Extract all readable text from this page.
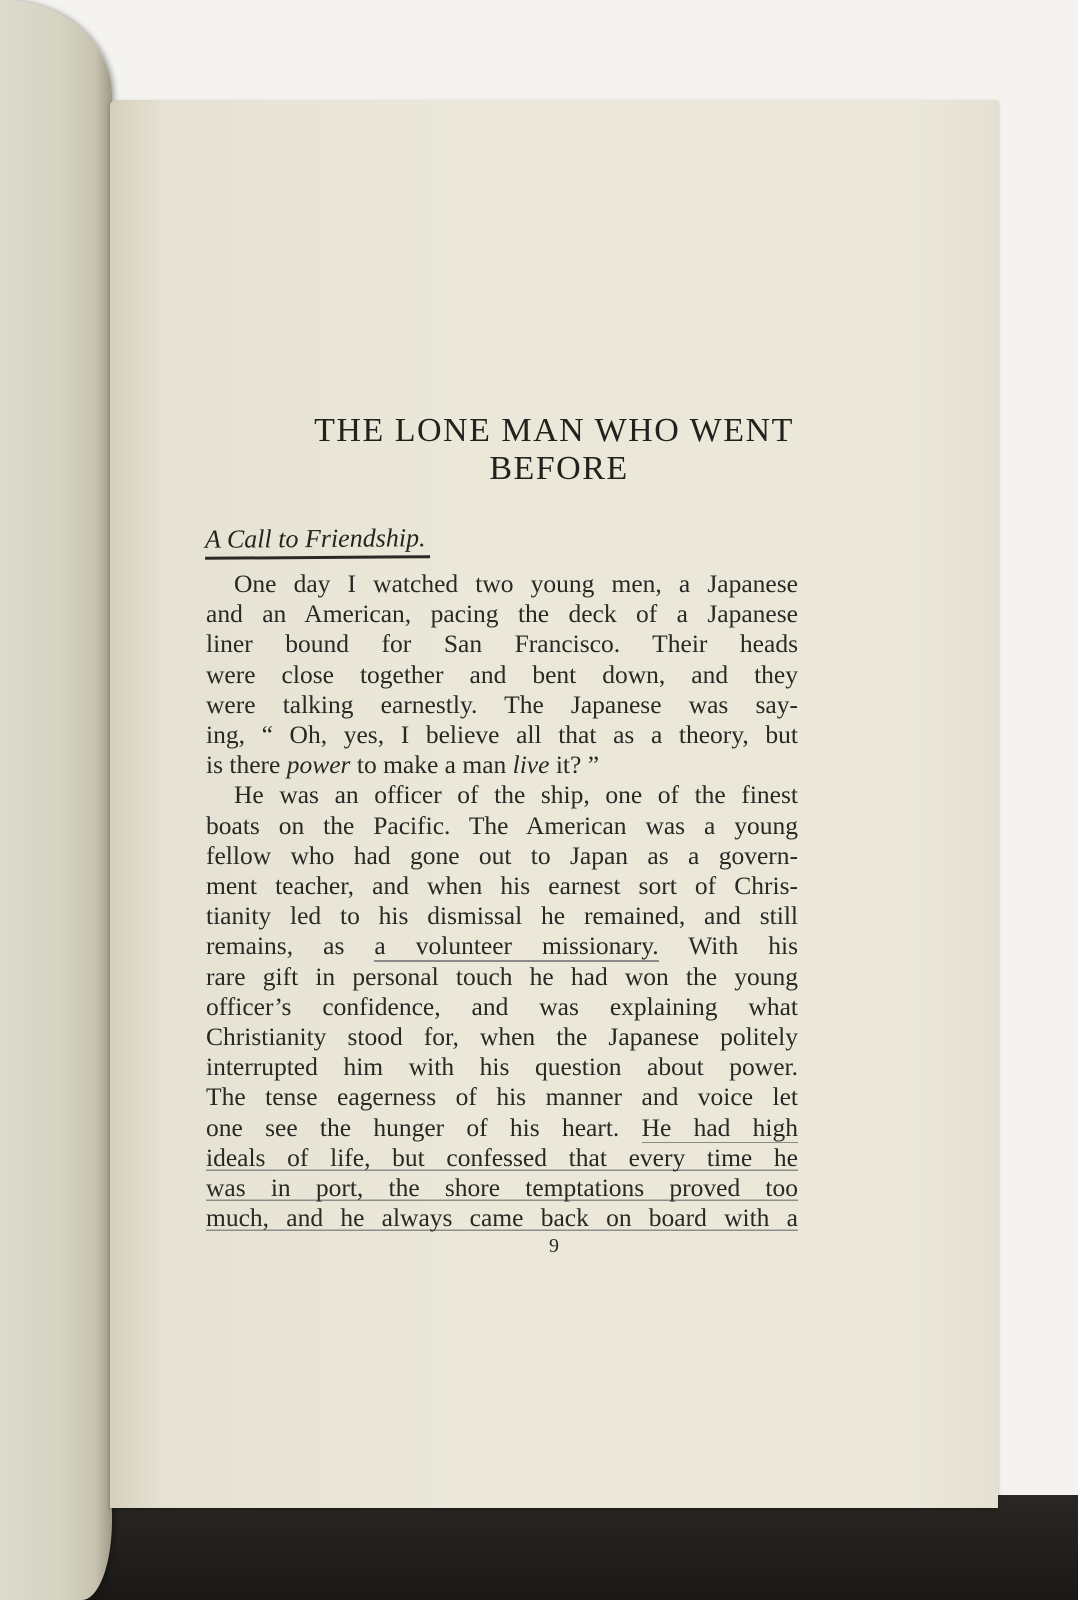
THE LONE MAN WHO WENT
BEFORE
A Call to Friendship.
One day I watched two young men, a Japanese
and an American, pacing the deck of a Japanese
liner bound for San Francisco. Their heads
were close together and bent down, and they
were talking earnestly. The Japanese was say-
ing, “ Oh, yes, I believe all that as a theory, but
is there power to make a man live it? ”
He was an officer of the ship, one of the finest
boats on the Pacific. The American was a young
fellow who had gone out to Japan as a govern-
ment teacher, and when his earnest sort of Chris-
tianity led to his dismissal he remained, and still
remains, as a volunteer missionary. With his
rare gift in personal touch he had won the young
officer’s confidence, and was explaining what
Christianity stood for, when the Japanese politely
interrupted him with his question about power.
The tense eagerness of his manner and voice let
one see the hunger of his heart. He had high
ideals of life, but confessed that every time he
was in port, the shore temptations proved too
much, and he always came back on board with a
9
